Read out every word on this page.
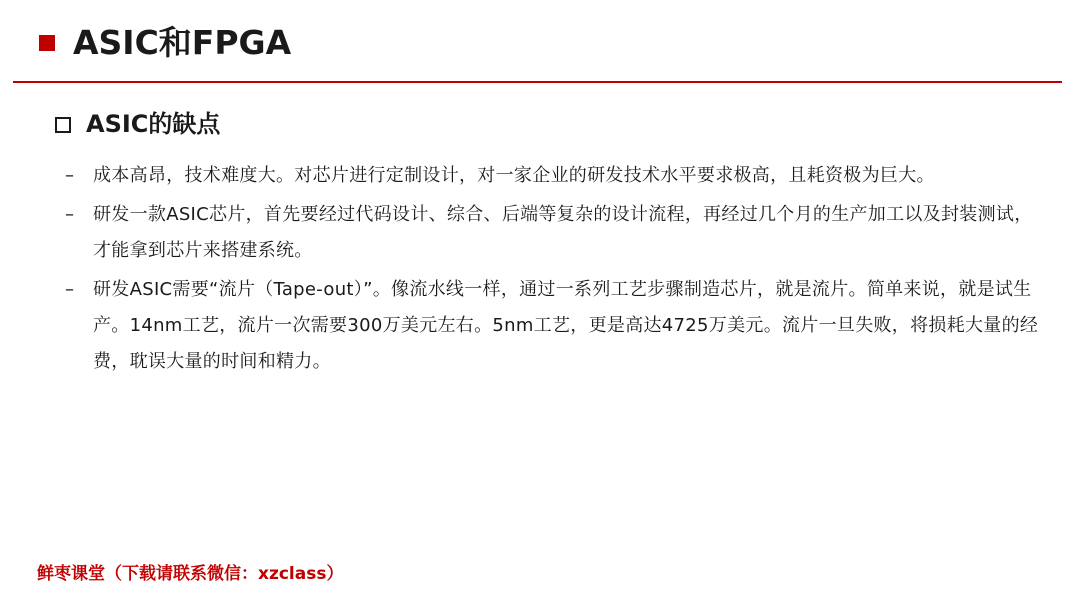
ASIC和FPGA
ASIC的缺点
– 成本高昂，技术难度大。对芯片进行定制设计，对一家企业的研发技术水平要求极高，且耗资极为巨大。
– 研发一款ASIC芯片，首先要经过代码设计、综合、后端等复杂的设计流程，再经过几个月的生产加工以及封装测试，才能拿到芯片来搭建系统。
– 研发ASIC需要“流片（Tape-out）”。像流水线一样，通过一系列工艺步骤制造芯片，就是流片。简单来说，就是试生产。14nm工艺，流片一次需要300万美元左右。5nm工艺，更是高达4725万美元。流片一旦失败，将损耗大量的经费，耽误大量的时间和精力。
鲜枣课堂（下载请联系微信：xzclass）
